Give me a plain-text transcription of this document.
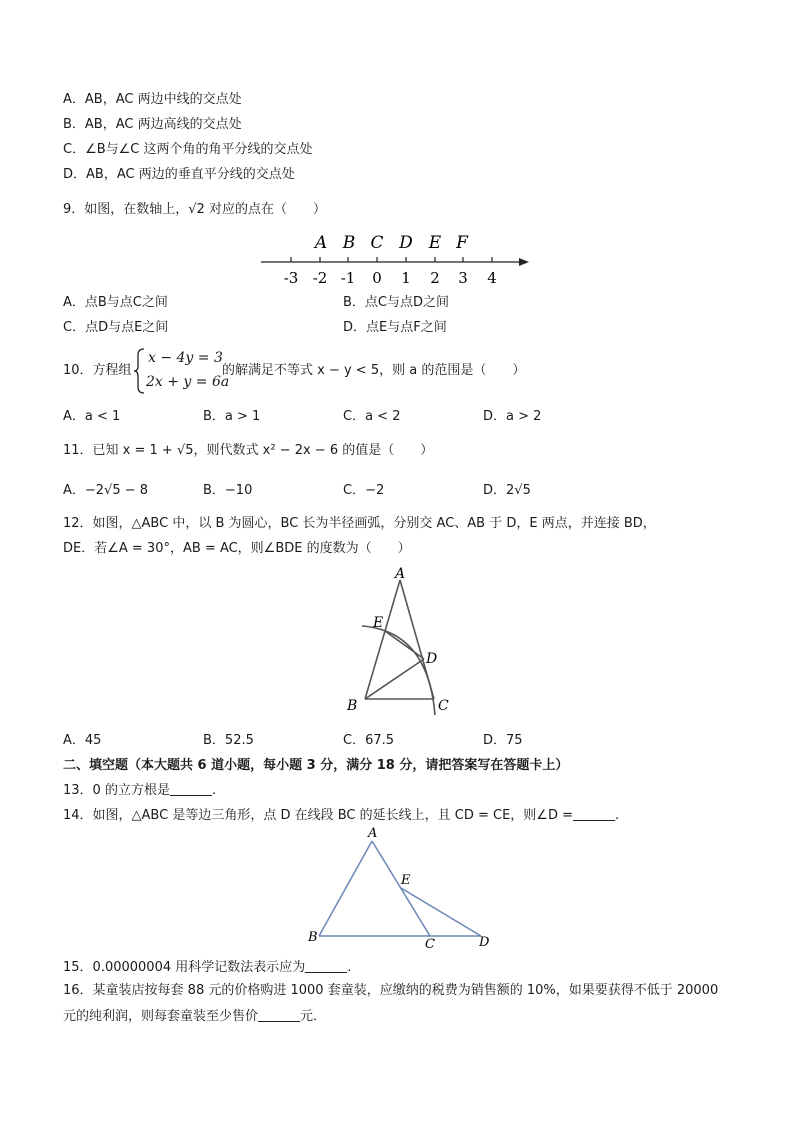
A．AB，AC 两边中线的交点处
B．AB，AC 两边高线的交点处
C．∠B与∠C 这两个角的角平分线的交点处
D．AB，AC 两边的垂直平分线的交点处
9．如图，在数轴上，√2 对应的点在（　　）
A B C D E F
-3 -2 -1 0 1 2 3 4
A．点B与点C之间	B．点C与点D之间
C．点D与点E之间	D．点E与点F之间
10．方程组
x − 4y = 3
2x + y = 6a
的解满足不等式 x − y < 5，则 a 的范围是（　　）
A．a < 1	B．a > 1	C．a < 2	D．a > 2
11．已知 x = 1 + √5，则代数式 x² − 2x − 6 的值是（　　）
A．−2√5 − 8	B．−10	C．−2	D．2√5
12．如图，△ABC 中，以 B 为圆心，BC 长为半径画弧，分别交 AC、AB 于 D，E 两点，并连接 BD，
DE．若∠A = 30°，AB = AC，则∠BDE 的度数为（　　）
A
E
D
B	C
A．45	B．52.5	C．67.5	D．75
二、填空题（本大题共 6 道小题，每小题 3 分，满分 18 分，请把答案写在答题卡上）
13．0 的立方根是	.
14．如图，△ABC 是等边三角形，点 D 在线段 BC 的延长线上，且 CD = CE，则∠D =	.
A
E
B	C	D
15．0.00000004 用科学记数法表示应为	.
16．某童装店按每套 88 元的价格购进 1000 套童装，应缴纳的税费为销售额的 10%，如果要获得不低于 20000
元的纯利润，则每套童装至少售价	元．
